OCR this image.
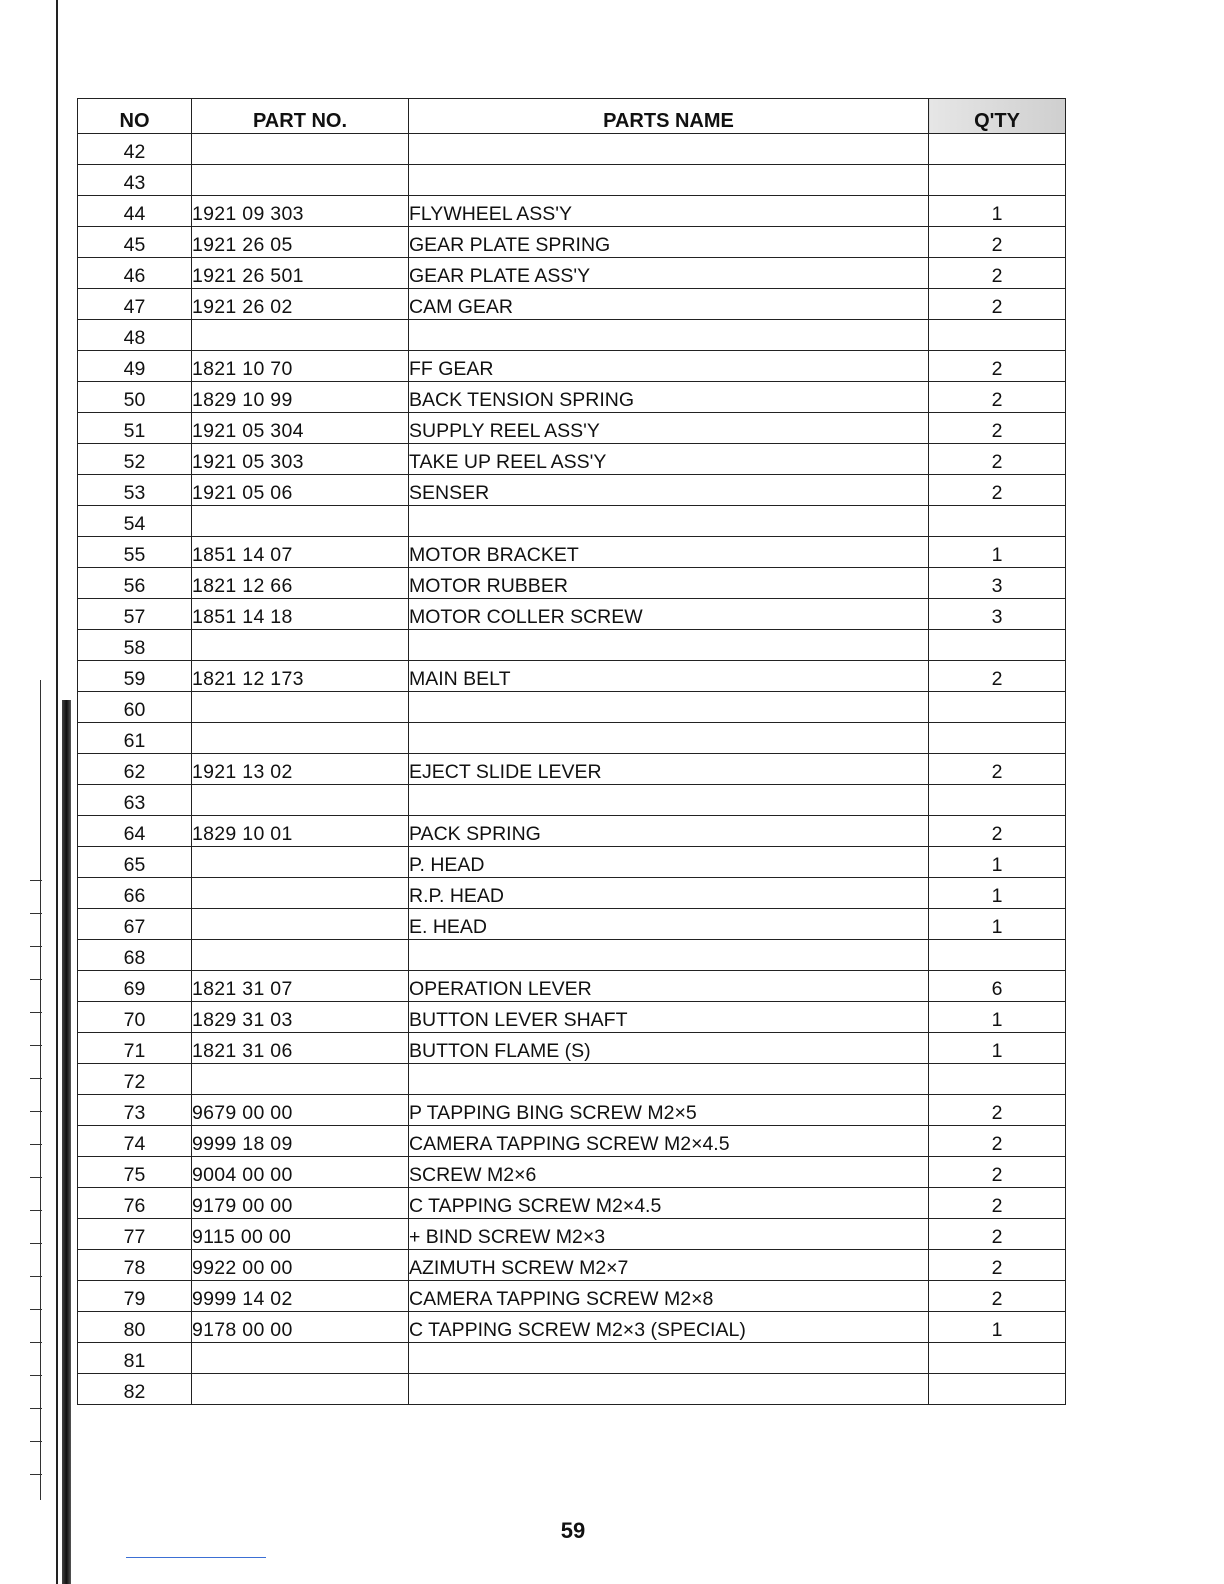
NO	PART NO.	PARTS NAME	Q'TY
42			
43			
44	1921 09 303	FLYWHEEL ASS'Y	1
45	1921 26 05	GEAR PLATE SPRING	2
46	1921 26 501	GEAR PLATE ASS'Y	2
47	1921 26 02	CAM GEAR	2
48			
49	1821 10 70	FF GEAR	2
50	1829 10 99	BACK TENSION SPRING	2
51	1921 05 304	SUPPLY REEL ASS'Y	2
52	1921 05 303	TAKE UP REEL ASS'Y	2
53	1921 05 06	SENSER	2
54			
55	1851 14 07	MOTOR BRACKET	1
56	1821 12 66	MOTOR RUBBER	3
57	1851 14 18	MOTOR COLLER SCREW	3
58			
59	1821 12 173	MAIN BELT	2
60			
61			
62	1921 13 02	EJECT SLIDE LEVER	2
63			
64	1829 10 01	PACK SPRING	2
65		P. HEAD	1
66		R.P. HEAD	1
67		E. HEAD	1
68			
69	1821 31 07	OPERATION LEVER	6
70	1829 31 03	BUTTON LEVER SHAFT	1
71	1821 31 06	BUTTON FLAME (S)	1
72			
73	9679 00 00	P TAPPING BING SCREW M2×5	2
74	9999 18 09	CAMERA TAPPING SCREW M2×4.5	2
75	9004 00 00	SCREW M2×6	2
76	9179 00 00	C TAPPING SCREW M2×4.5	2
77	9115 00 00	+ BIND SCREW M2×3	2
78	9922 00 00	AZIMUTH SCREW M2×7	2
79	9999 14 02	CAMERA TAPPING SCREW M2×8	2
80	9178 00 00	C TAPPING SCREW M2×3 (SPECIAL)	1
81			
82			
59
